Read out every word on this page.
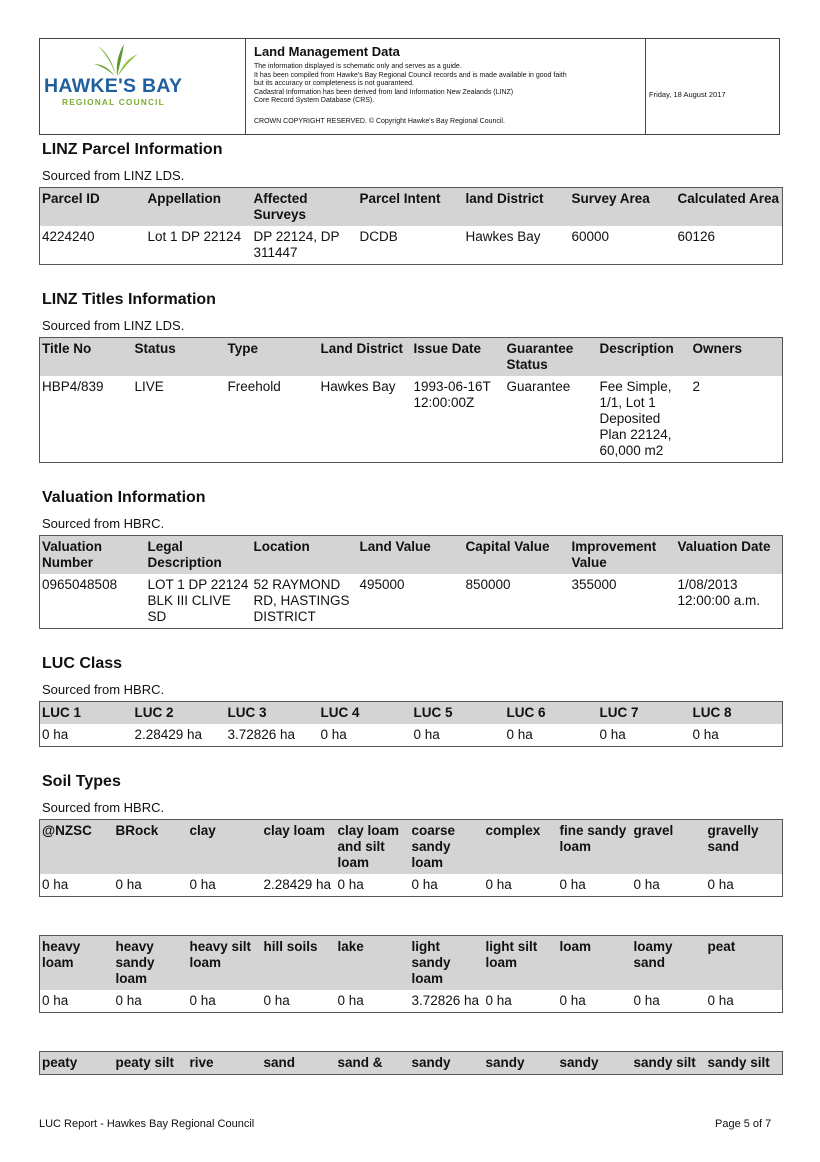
HAWKE'S BAY
REGIONAL COUNCIL
Land Management Data
The information displayed is schematic only and serves as a guide.
It has been compiled from Hawke's Bay Regional Council records and is made available in good faith
but its accuracy or completeness is not guaranteed.
Cadastral Information has been derived from land Information New Zealands (LINZ)
Core Record System Database (CRS).
CROWN COPYRIGHT RESERVED. © Copyright Hawke's Bay Regional Council.
Friday, 18 August 2017
LINZ Parcel Information
Sourced from LINZ LDS.
Parcel ID	Appellation	Affected Surveys	Parcel Intent	land District	Survey Area	Calculated Area
4224240	Lot 1 DP 22124	DP 22124, DP 311447	DCDB	Hawkes Bay	60000	60126
LINZ Titles Information
Sourced from LINZ LDS.
Title No	Status	Type	Land District	Issue Date	Guarantee Status	Description	Owners
HBP4/839	LIVE	Freehold	Hawkes Bay	1993-06-16T 12:00:00Z	Guarantee	Fee Simple, 1/1, Lot 1 Deposited Plan 22124, 60,000 m2	2
Valuation Information
Sourced from HBRC.
Valuation Number	Legal Description	Location	Land Value	Capital Value	Improvement Value	Valuation Date
0965048508	LOT 1 DP 22124 BLK III CLIVE SD	52 RAYMOND RD, HASTINGS DISTRICT	495000	850000	355000	1/08/2013 12:00:00 a.m.
LUC Class
Sourced from HBRC.
LUC 1	LUC 2	LUC 3	LUC 4	LUC 5	LUC 6	LUC 7	LUC 8
0 ha	2.28429 ha	3.72826 ha	0 ha	0 ha	0 ha	0 ha	0 ha
Soil Types
Sourced from HBRC.
@NZSC	BRock	clay	clay loam	clay loam and silt loam	coarse sandy loam	complex	fine sandy loam	gravel	gravelly sand
0 ha	0 ha	0 ha	2.28429 ha	0 ha	0 ha	0 ha	0 ha	0 ha	0 ha
heavy loam	heavy sandy loam	heavy silt loam	hill soils	lake	light sandy loam	light silt loam	loam	loamy sand	peat
0 ha	0 ha	0 ha	0 ha	0 ha	3.72826 ha	0 ha	0 ha	0 ha	0 ha
peaty	peaty silt	rive	sand	sand &	sandy	sandy	sandy	sandy silt	sandy silt
LUC Report - Hawkes Bay Regional Council	Page 5 of 7
